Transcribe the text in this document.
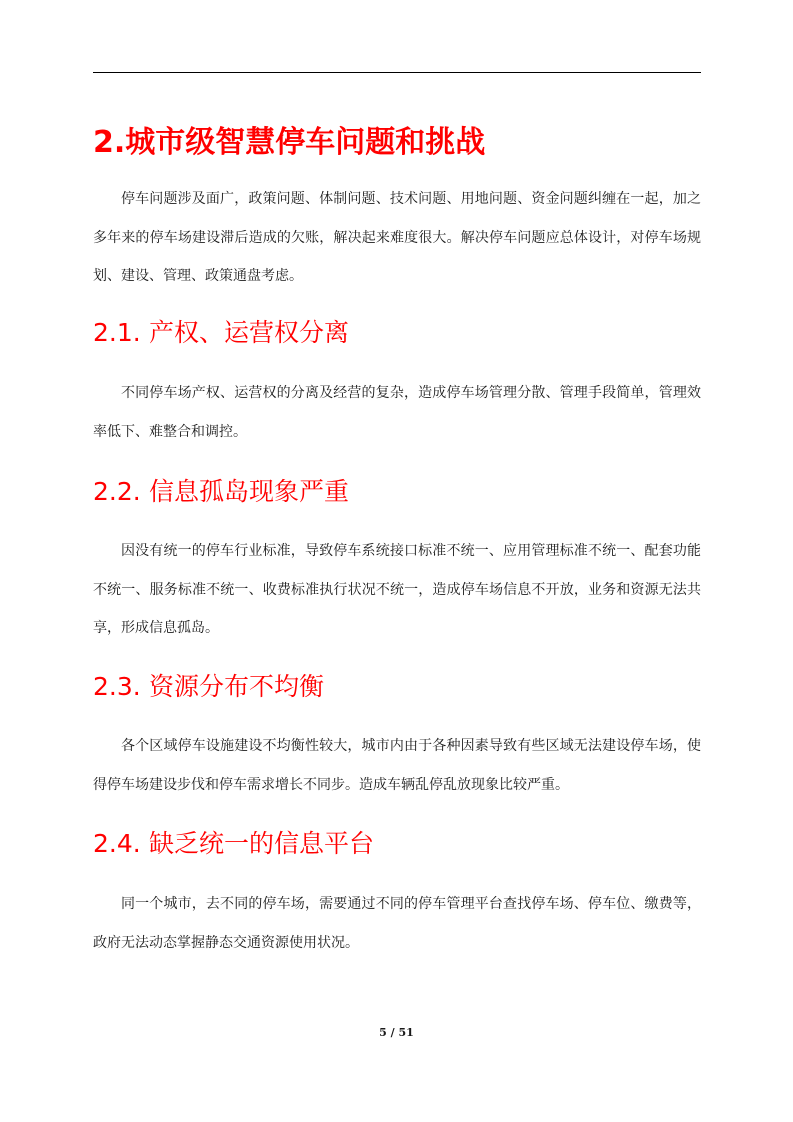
2.城市级智慧停车问题和挑战

停车问题涉及面广，政策问题、体制问题、技术问题、用地问题、资金问题纠缠在一起，加之多年来的停车场建设滞后造成的欠账，解决起来难度很大。解决停车问题应总体设计，对停车场规划、建设、管理、政策通盘考虑。

2.1. 产权、运营权分离

不同停车场产权、运营权的分离及经营的复杂，造成停车场管理分散、管理手段简单，管理效率低下、难整合和调控。

2.2. 信息孤岛现象严重

因没有统一的停车行业标准，导致停车系统接口标准不统一、应用管理标准不统一、配套功能不统一、服务标准不统一、收费标准执行状况不统一，造成停车场信息不开放，业务和资源无法共享，形成信息孤岛。

2.3. 资源分布不均衡

各个区域停车设施建设不均衡性较大，城市内由于各种因素导致有些区域无法建设停车场，使得停车场建设步伐和停车需求增长不同步。造成车辆乱停乱放现象比较严重。

2.4. 缺乏统一的信息平台

同一个城市，去不同的停车场，需要通过不同的停车管理平台查找停车场、停车位、缴费等，政府无法动态掌握静态交通资源使用状况。

5 / 51
